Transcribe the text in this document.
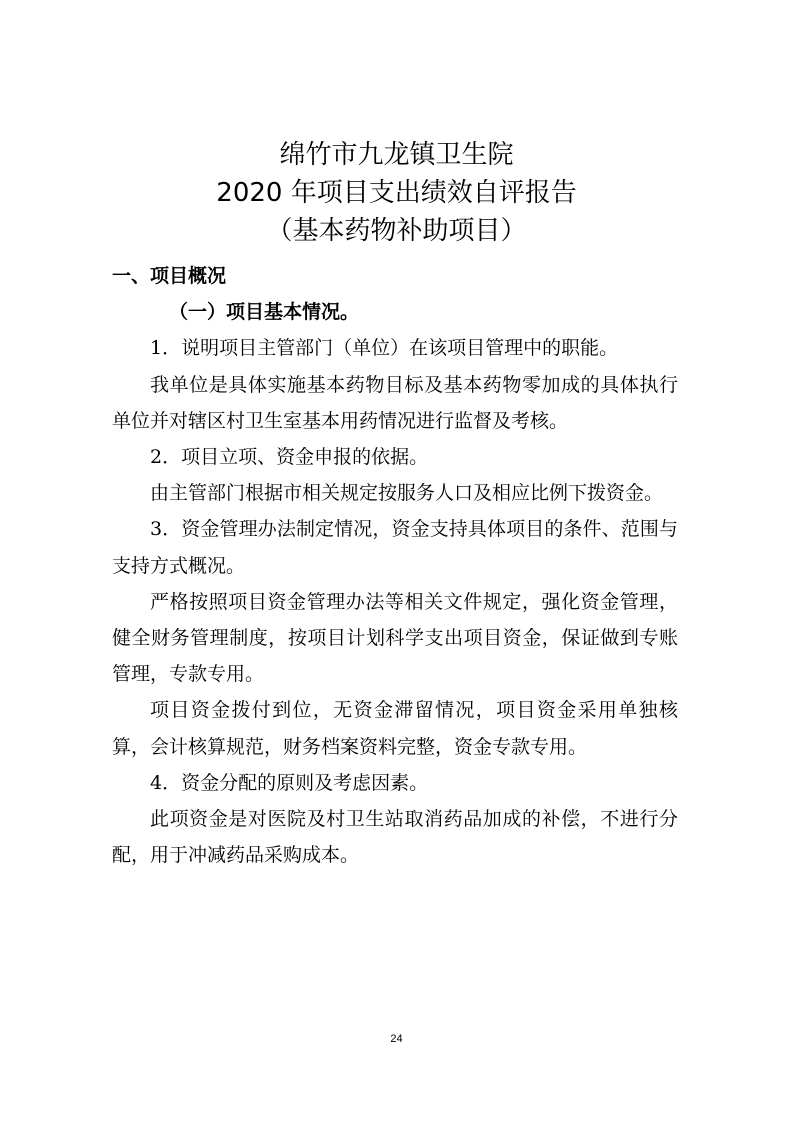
绵竹市九龙镇卫生院
2020 年项目支出绩效自评报告
（基本药物补助项目）

一、项目概况

（一）项目基本情况。

1．说明项目主管部门（单位）在该项目管理中的职能。

我单位是具体实施基本药物目标及基本药物零加成的具体执行单位并对辖区村卫生室基本用药情况进行监督及考核。

2．项目立项、资金申报的依据。

由主管部门根据市相关规定按服务人口及相应比例下拨资金。

3．资金管理办法制定情况，资金支持具体项目的条件、范围与支持方式概况。

严格按照项目资金管理办法等相关文件规定，强化资金管理，健全财务管理制度，按项目计划科学支出项目资金，保证做到专账管理，专款专用。

项目资金拨付到位，无资金滞留情况，项目资金采用单独核算，会计核算规范，财务档案资料完整，资金专款专用。

4．资金分配的原则及考虑因素。

此项资金是对医院及村卫生站取消药品加成的补偿，不进行分配，用于冲减药品采购成本。

24
